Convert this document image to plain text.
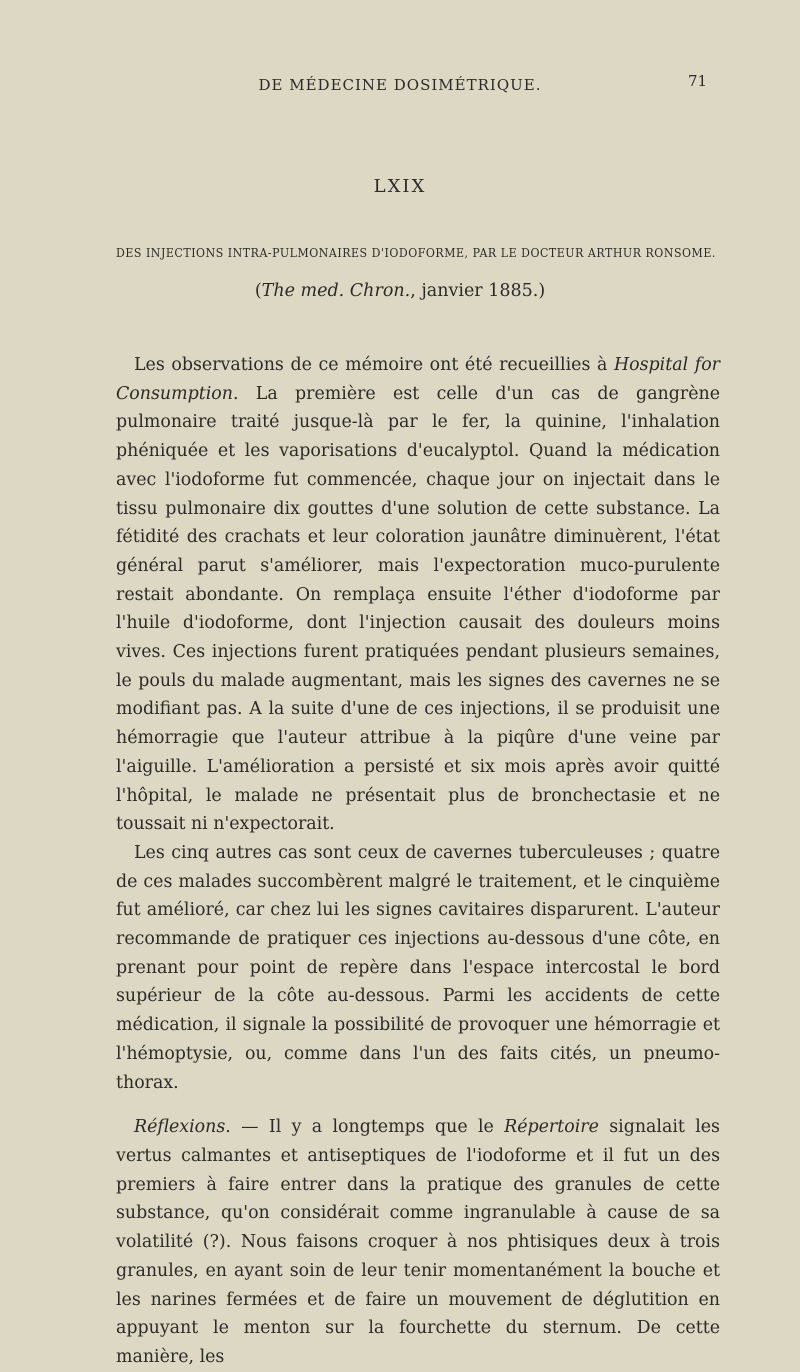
DE MÉDECINE DOSIMÉTRIQUE.	71
LXIX
DES INJECTIONS INTRA-PULMONAIRES D'IODOFORME, PAR LE DOCTEUR ARTHUR RONSOME.
(The med. Chron., janvier 1885.)

Les observations de ce mémoire ont été recueillies à Hospital for Consumption. La première est celle d'un cas de gangrène pulmonaire traité jusque-là par le fer, la quinine, l'inhalation phéniquée et les vaporisations d'eucalyptol. Quand la médication avec l'iodoforme fut commencée, chaque jour on injectait dans le tissu pulmonaire dix gouttes d'une solution de cette substance. La fétidité des crachats et leur coloration jaunâtre diminuèrent, l'état général parut s'améliorer, mais l'expectoration muco-purulente restait abondante. On remplaça ensuite l'éther d'iodoforme par l'huile d'iodoforme, dont l'injection causait des douleurs moins vives. Ces injections furent pratiquées pendant plusieurs semaines, le pouls du malade augmentant, mais les signes des cavernes ne se modifiant pas. A la suite d'une de ces injections, il se produisit une hémorragie que l'auteur attribue à la piqûre d'une veine par l'aiguille. L'amélioration a persisté et six mois après avoir quitté l'hôpital, le malade ne présentait plus de bronchectasie et ne toussait ni n'expectorait.

Les cinq autres cas sont ceux de cavernes tuberculeuses ; quatre de ces malades succombèrent malgré le traitement, et le cinquième fut amélioré, car chez lui les signes cavitaires disparurent. L'auteur recommande de pratiquer ces injections au-dessous d'une côte, en prenant pour point de repère dans l'espace intercostal le bord supérieur de la côte au-dessous. Parmi les accidents de cette médication, il signale la possibilité de provoquer une hémorragie et l'hémoptysie, ou, comme dans l'un des faits cités, un pneumo-thorax.

Réflexions. — Il y a longtemps que le Répertoire signalait les vertus calmantes et antiseptiques de l'iodoforme et il fut un des premiers à faire entrer dans la pratique des granules de cette substance, qu'on considérait comme ingranulable à cause de sa volatilité (?). Nous faisons croquer à nos phtisiques deux à trois granules, en ayant soin de leur tenir momentanément la bouche et les narines fermées et de faire un mouvement de déglutition en appuyant le menton sur la fourchette du sternum. De cette manière, les
